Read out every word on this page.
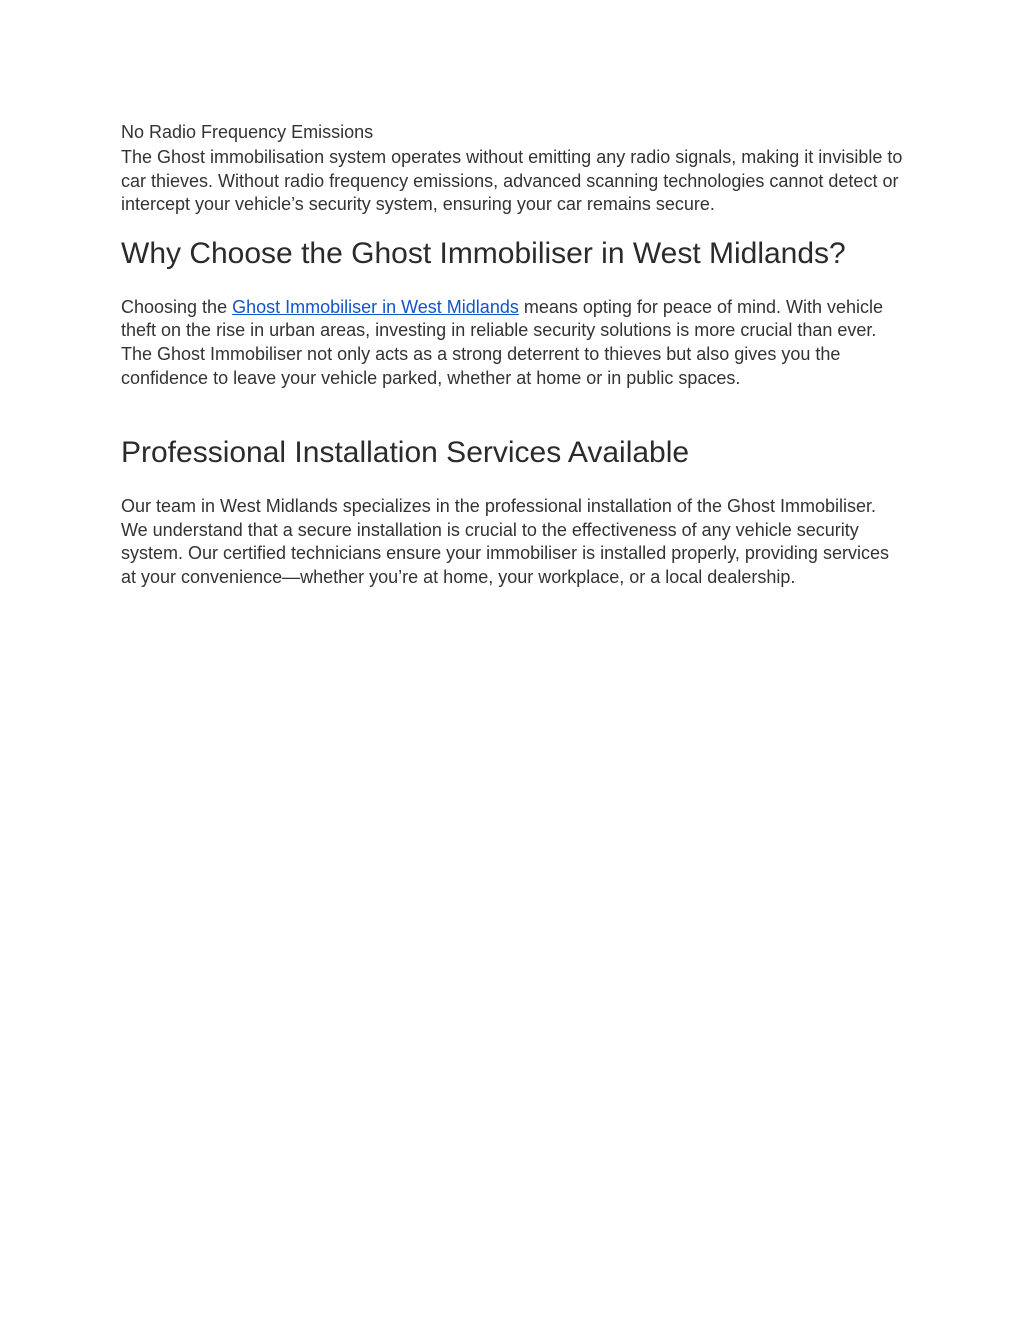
No Radio Frequency Emissions

The Ghost immobilisation system operates without emitting any radio signals, making it invisible to car thieves. Without radio frequency emissions, advanced scanning technologies cannot detect or intercept your vehicle’s security system, ensuring your car remains secure.

Why Choose the Ghost Immobiliser in West Midlands?

Choosing the Ghost Immobiliser in West Midlands means opting for peace of mind. With vehicle theft on the rise in urban areas, investing in reliable security solutions is more crucial than ever. The Ghost Immobiliser not only acts as a strong deterrent to thieves but also gives you the confidence to leave your vehicle parked, whether at home or in public spaces.

Professional Installation Services Available

Our team in West Midlands specializes in the professional installation of the Ghost Immobiliser. We understand that a secure installation is crucial to the effectiveness of any vehicle security system. Our certified technicians ensure your immobiliser is installed properly, providing services at your convenience—whether you’re at home, your workplace, or a local dealership.
